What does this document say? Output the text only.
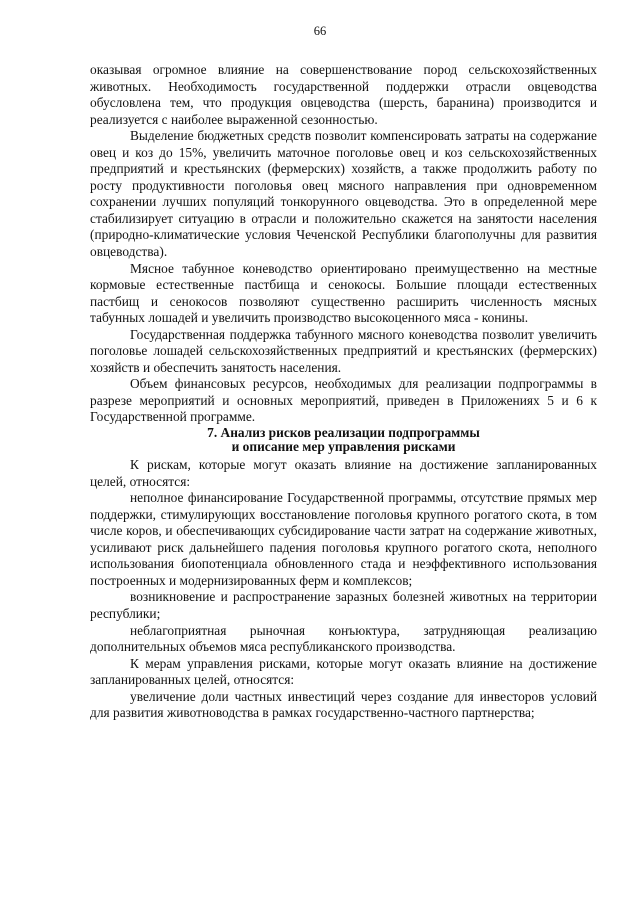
66

оказывая огромное влияние на совершенствование пород сельскохозяйственных животных. Необходимость государственной поддержки отрасли овцеводства обусловлена тем, что продукция овцеводства (шерсть, баранина) производится и реализуется с наиболее выраженной сезонностью.

Выделение бюджетных средств позволит компенсировать затраты на содержание овец и коз до 15%, увеличить маточное поголовье овец и коз сельскохозяйственных предприятий и крестьянских (фермерских) хозяйств, а также продолжить работу по росту продуктивности поголовья овец мясного направления при одновременном сохранении лучших популяций тонкорунного овцеводства. Это в определенной мере стабилизирует ситуацию в отрасли и положительно скажется на занятости населения (природно-климатические условия Чеченской Республики благополучны для развития овцеводства).

Мясное табунное коневодство ориентировано преимущественно на местные кормовые естественные пастбища и сенокосы. Большие площади естественных пастбищ и сенокосов позволяют существенно расширить численность мясных табунных лошадей и увеличить производство высокоценного мяса - конины.

Государственная поддержка табунного мясного коневодства позволит увеличить поголовье лошадей сельскохозяйственных предприятий и крестьянских (фермерских) хозяйств и обеспечить занятость населения.

Объем финансовых ресурсов, необходимых для реализации подпрограммы в разрезе мероприятий и основных мероприятий, приведен в Приложениях 5 и 6 к Государственной программе.

7. Анализ рисков реализации подпрограммы
и описание мер управления рисками

К рискам, которые могут оказать влияние на достижение запланированных целей, относятся:

неполное финансирование Государственной программы, отсутствие прямых мер поддержки, стимулирующих восстановление поголовья крупного рогатого скота, в том числе коров, и обеспечивающих субсидирование части затрат на содержание животных, усиливают риск дальнейшего падения поголовья крупного рогатого скота, неполного использования биопотенциала обновленного стада и неэффективного использования построенных и модернизированных ферм и комплексов;

возникновение и распространение заразных болезней животных на территории республики;

неблагоприятная рыночная конъюктура, затрудняющая реализацию дополнительных объемов мяса республиканского производства.

К мерам управления рисками, которые могут оказать влияние на достижение запланированных целей, относятся:

увеличение доли частных инвестиций через создание для инвесторов условий для развития животноводства в рамках государственно-частного партнерства;
